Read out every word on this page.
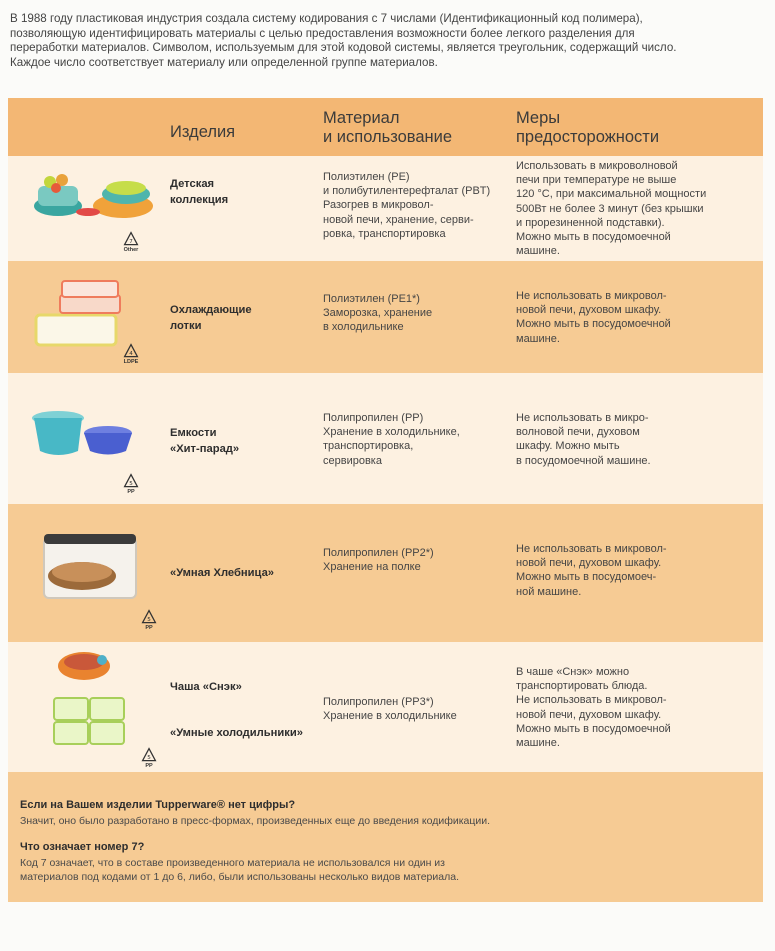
В 1988 году пластиковая индустрия создала систему кодирования с 7 числами (Идентификационный код полимера), позволяющую идентифицировать материалы с целью предоставления возможности более легкого разделения для переработки материалов. Символом, используемым для этой кодовой системы, является треугольник, содержащий число. Каждое число соответствует материалу или определенной группе материалов.
Изделия
Материал
и использование
Меры
предосторожности
7
Other
Детская
коллекция
Полиэтилен (PE)
и полибутилентерефталат (PBT)
Разогрев в микровол-
новой печи, хранение, серви-
ровка, транспортировка
Использовать в микроволновой
печи при температуре не выше
120 °С, при максимальной мощности
500Вт не более 3 минут (без крышки
и прорезиненной подставки).
Можно мыть в посудомоечной
машине.
4
LDPE
Охлаждающие
лотки
Полиэтилен (PE1*)
Заморозка, хранение
в холодильнике
Не использовать в микровол-
новой печи, духовом шкафу.
Можно мыть в посудомоечной
машине.
5
PP
Емкости
«Хит-парад»
Полипропилен (PP)
Хранение в холодильнике,
транспортировка,
сервировка
Не использовать в микро-
волновой печи, духовом
шкафу. Можно мыть
в посудомоечной машине.
5
PP
«Умная Хлебница»
Полипропилен (PP2*)
Хранение на полке
Не использовать в микровол-
новой печи, духовом шкафу.
Можно мыть в посудомоеч-
ной машине.
5
PP
Чаша «Снэк»
«Умные холодильники»
Полипропилен (PP3*)
Хранение в холодильнике
В чаше «Снэк» можно
транспортировать блюда.
Не использовать в микровол-
новой печи, духовом шкафу.
Можно мыть в посудомоечной
машине.
Если на Вашем изделии Tupperware® нет цифры?
Значит, оно было разработано в пресс-формах, произведенных еще до введения кодификации.
Что означает номер 7?
Код 7 означает, что в составе произведенного материала не использовался ни один из
материалов под кодами от 1 до 6, либо, были использованы несколько видов материала.
